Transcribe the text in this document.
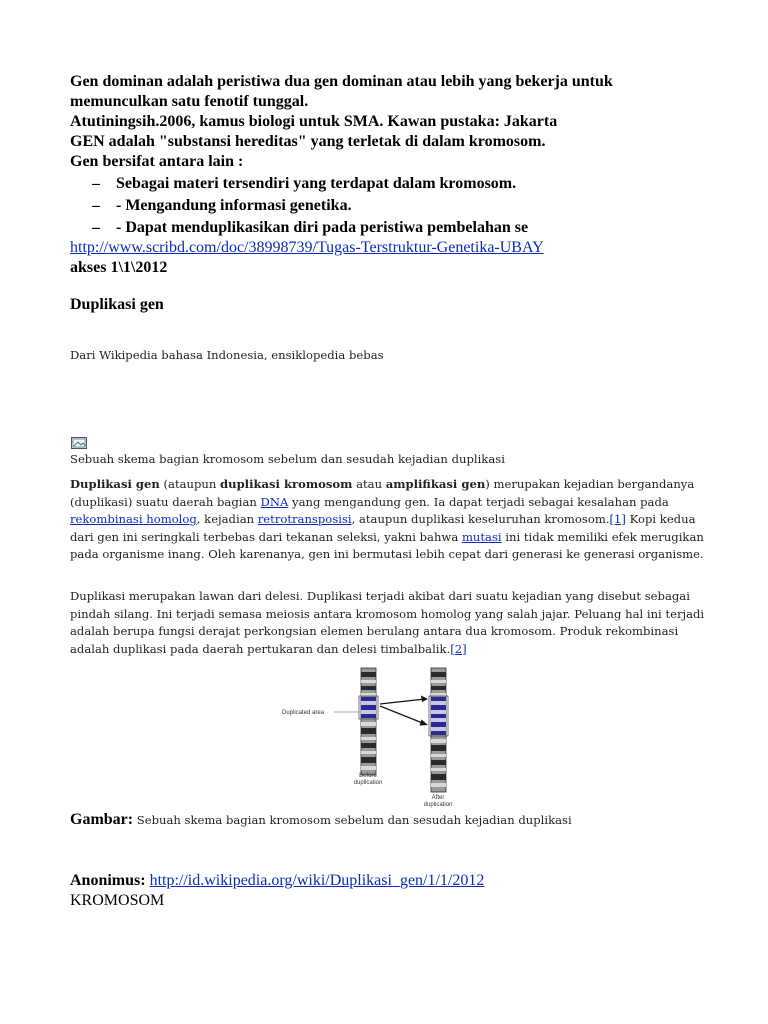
Gen dominan adalah peristiwa dua gen dominan atau lebih yang bekerja untuk
memunculkan satu fenotif tunggal.
Atutiningsih.2006, kamus biologi untuk SMA. Kawan pustaka: Jakarta
GEN adalah "substansi hereditas" yang terletak di dalam kromosom.
Gen bersifat antara lain :
– Sebagai materi tersendiri yang terdapat dalam kromosom.
– - Mengandung informasi genetika.
– - Dapat menduplikasikan diri pada peristiwa pembelahan se
http://www.scribd.com/doc/38998739/Tugas-Terstruktur-Genetika-UBAY
akses 1\1\2012
Duplikasi gen
Dari Wikipedia bahasa Indonesia, ensiklopedia bebas
Sebuah skema bagian kromosom sebelum dan sesudah kejadian duplikasi
Duplikasi gen (ataupun duplikasi kromosom atau amplifikasi gen) merupakan kejadian bergandanya (duplikasi) suatu daerah bagian DNA yang mengandung gen. Ia dapat terjadi sebagai kesalahan pada rekombinasi homolog, kejadian retrotransposisi, ataupun duplikasi keseluruhan kromosom.[1] Kopi kedua dari gen ini seringkali terbebas dari tekanan seleksi, yakni bahwa mutasi ini tidak memiliki efek merugikan pada organisme inang. Oleh karenanya, gen ini bermutasi lebih cepat dari generasi ke generasi organisme.
Duplikasi merupakan lawan dari delesi. Duplikasi terjadi akibat dari suatu kejadian yang disebut sebagai pindah silang. Ini terjadi semasa meiosis antara kromosom homolog yang salah jajar. Peluang hal ini terjadi adalah berupa fungsi derajat perkongsian elemen berulang antara dua kromosom. Produk rekombinasi adalah duplikasi pada daerah pertukaran dan delesi timbalbalik.[2]
Duplicated area
Before
duplication
After
duplication
Gambar: Sebuah skema bagian kromosom sebelum dan sesudah kejadian duplikasi
Anonimus: http://id.wikipedia.org/wiki/Duplikasi_gen/1/1/2012
KROMOSOM
